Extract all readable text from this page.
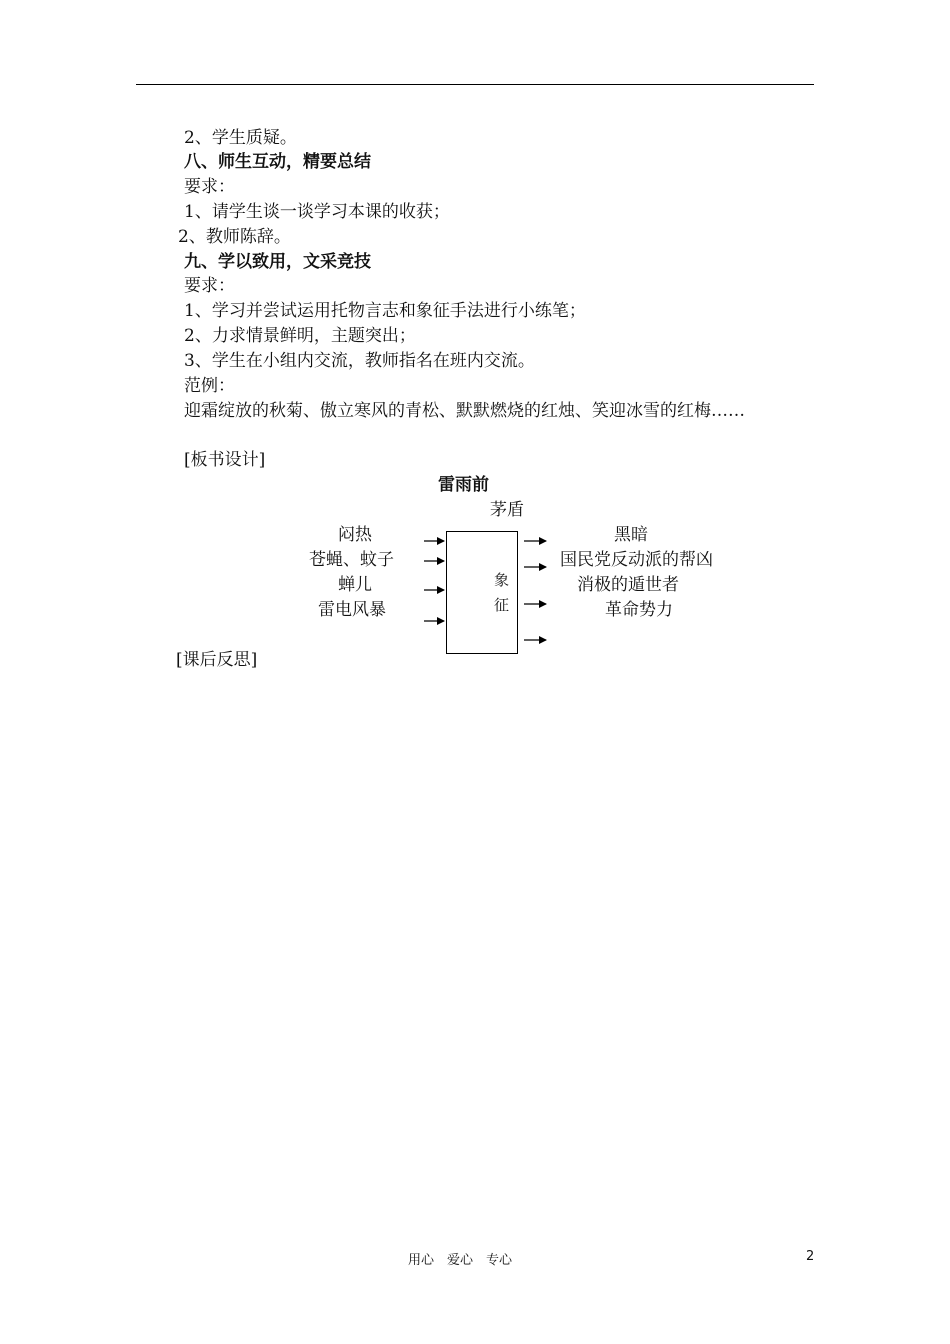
2、学生质疑。
八、师生互动，精要总结
要求：
1、请学生谈一谈学习本课的收获；
2、教师陈辞。
九、学以致用，文采竞技
要求：
1、学习并尝试运用托物言志和象征手法进行小练笔；
2、力求情景鲜明，主题突出；
3、学生在小组内交流，教师指名在班内交流。
范例：
迎霜绽放的秋菊、傲立寒风的青松、默默燃烧的红烛、笑迎冰雪的红梅……
[板书设计]
雷雨前
茅盾
闷热
苍蝇、蚊子
蝉儿
雷电风暴
象
征
黑暗
国民党反动派的帮凶
消极的遁世者
革命势力
[课后反思]
用心　爱心　专心	2
